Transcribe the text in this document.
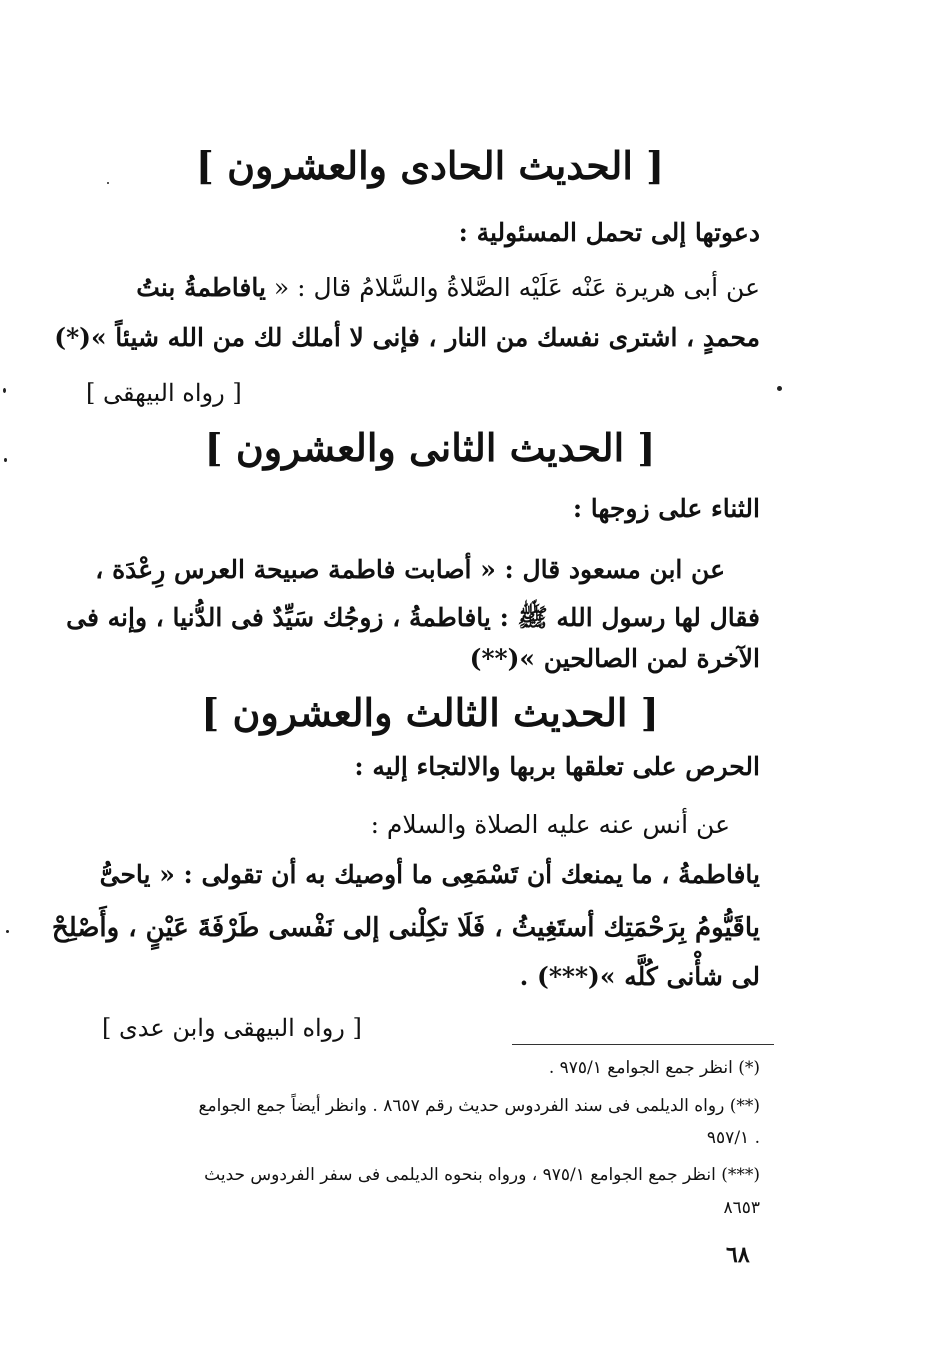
[ الحديث الحادى والعشرون ]
دعوتها إلى تحمل المسئولية :
عن أبى هريرة عَنْه عَلَيْه الصَّلاةُ والسَّلامُ قال : « يافاطمةُ بنتُ
محمدٍ ، اشترى نفسك من النار ، فإنى لا أملك لك من الله شيئاً »(*)
[ رواه البيهقى ]
[ الحديث الثانى والعشرون ]
الثناء على زوجها :
عن ابن مسعود قال : « أصابت فاطمة صبيحة العرس رِعْدَة ،
فقال لها رسول الله ﷺ : يافاطمةُ ، زوجُك سَيِّدٌ فى الدُّنيا ، وإنه فى
الآخرة لمن الصالحين »(**)
[ الحديث الثالث والعشرون ]
الحرص على تعلقها بربها والالتجاء إليه :
عن أنس عنه عليه الصلاة والسلام :
يافاطمةُ ، ما يمنعك أن تَسْمَعِى ما أوصيك به أن تقولى : « ياحىُّ
ياقَيُّومُ بِرَحْمَتِك أستَغِيثُ ، فَلَا تكِلْنى إلى نَفْسى طَرْفَةَ عَيْنٍ ، وأَصْلِحْ
لى شأْنى كُلَّه »(***) .
[ رواه البيهقى وابن عدى ]
(*) انظر جمع الجوامع ٩٧٥/١ .
(**) رواه الديلمى فى سند الفردوس حديث رقم ٨٦٥٧ . وانظر أيضاً جمع الجوامع
٩٥٧/١ .
(***) انظر جمع الجوامع ٩٧٥/١ ، ورواه بنحوه الديلمى فى سفر الفردوس حديث
٨٦٥٣
٦٨
